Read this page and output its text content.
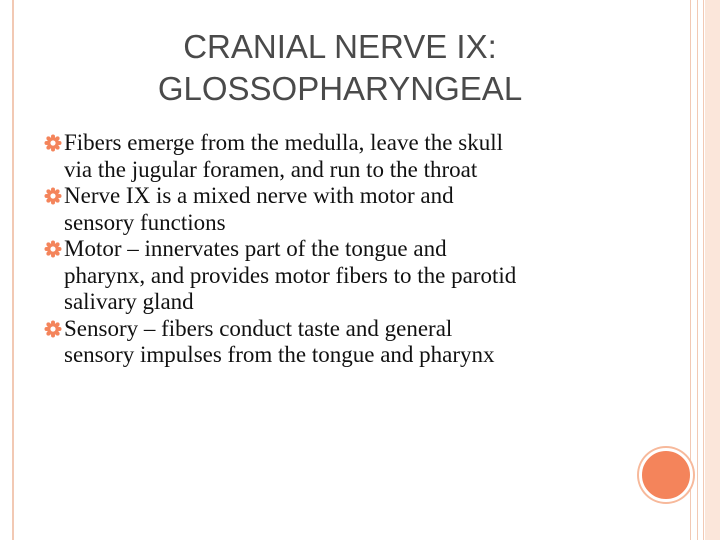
CRANIAL NERVE IX:
GLOSSOPHARYNGEAL
Fibers emerge from the medulla, leave the skull
via the jugular foramen, and run to the throat
Nerve IX is a mixed nerve with motor and
sensory functions
Motor – innervates part of the tongue and
pharynx, and provides motor fibers to the parotid
salivary gland
Sensory – fibers conduct taste and general
sensory impulses from the tongue and pharynx
